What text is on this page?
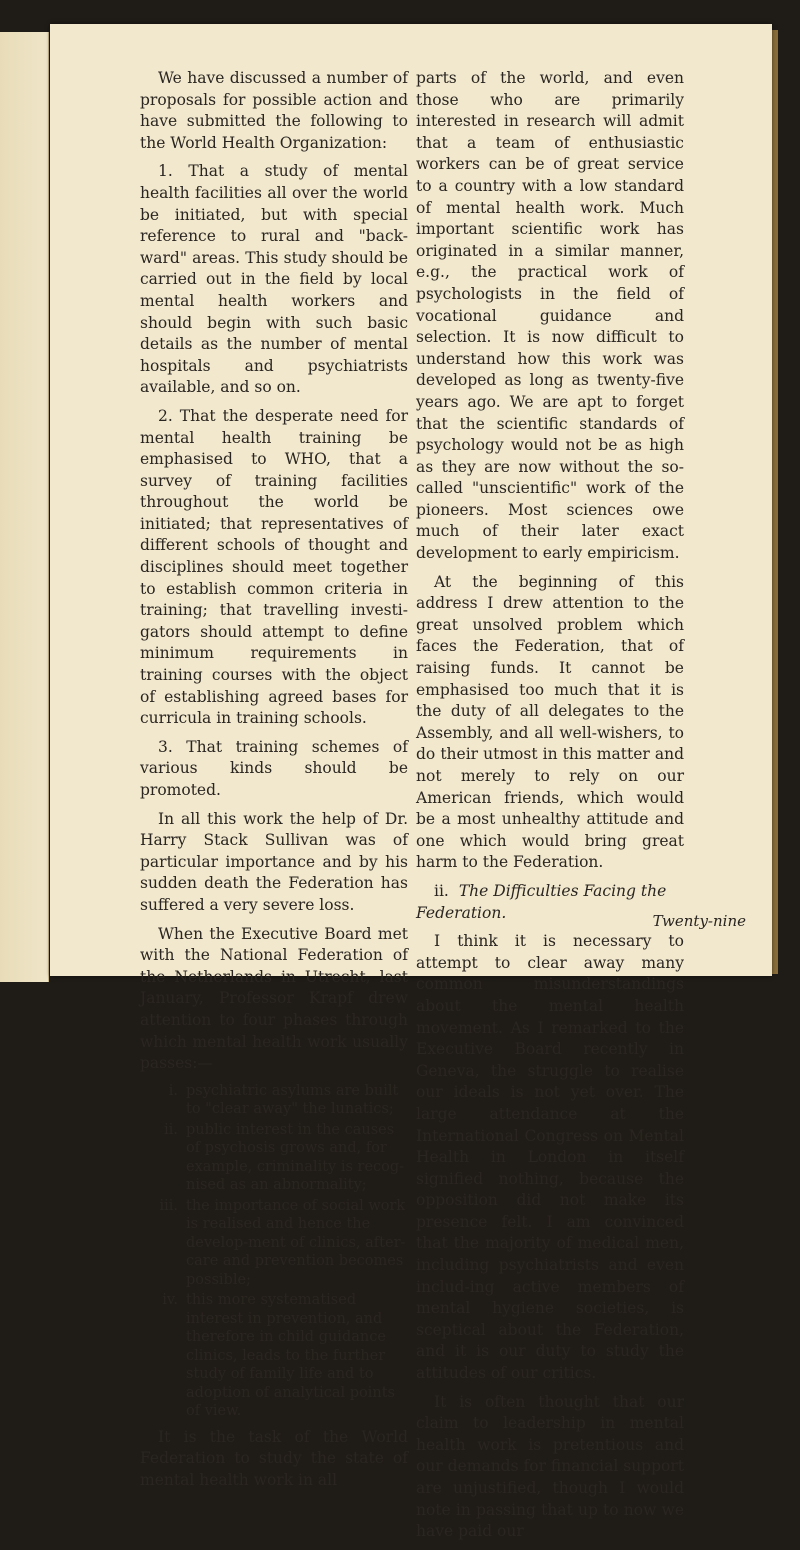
We have discussed a number of proposals for possible action and have submitted the following to the World Health Organization:

1. That a study of mental health facilities all over the world be initiated, but with special reference to rural and "back-ward" areas. This study should be carried out in the field by local mental health workers and should begin with such basic details as the number of mental hospitals and psychiatrists available, and so on.

2. That the desperate need for mental health training be emphasised to WHO, that a survey of training facilities throughout the world be initiated; that representatives of different schools of thought and disciplines should meet together to establish common criteria in training; that travelling investi-gators should attempt to define minimum requirements in training courses with the object of establishing agreed bases for curricula in training schools.

3. That training schemes of various kinds should be promoted.

In all this work the help of Dr. Harry Stack Sullivan was of particular importance and by his sudden death the Federation has suffered a very severe loss.

When the Executive Board met with the National Federation of the Netherlands in Utrecht, last January, Professor Krapf drew attention to four phases through which mental health work usually passes:—

i. psychiatric asylums are built to "clear away" the lunatics;
ii. public interest in the causes of psychosis grows and, for example, criminality is recog-nised as an abnormality;
iii. the importance of social work is realised and hence the develop-ment of clinics, after-care and prevention becomes possible;
iv. this more systematised interest in prevention, and therefore in child guidance clinics, leads to the further study of family life and to adoption of analytical points of view.

It is the task of the World Federation to study the state of mental health work in all

parts of the world, and even those who are primarily interested in research will admit that a team of enthusiastic workers can be of great service to a country with a low standard of mental health work. Much important scientific work has originated in a similar manner, e.g., the practical work of psychologists in the field of vocational guidance and selection. It is now difficult to understand how this work was developed as long as twenty-five years ago. We are apt to forget that the scientific standards of psychology would not be as high as they are now without the so-called "unscientific" work of the pioneers. Most sciences owe much of their later exact development to early empiricism.

At the beginning of this address I drew attention to the great unsolved problem which faces the Federation, that of raising funds. It cannot be emphasised too much that it is the duty of all delegates to the Assembly, and all well-wishers, to do their utmost in this matter and not merely to rely on our American friends, which would be a most unhealthy attitude and one which would bring great harm to the Federation.

ii. The Difficulties Facing the Federation.

I think it is necessary to attempt to clear away many common misunderstandings about the mental health movement. As I remarked to the Executive Board recently in Geneva, the struggle to realise our ideals is not yet over. The large attendance at the International Congress on Mental Health in London in itself signified nothing, because the opposition did not make its presence felt. I am convinced that the majority of medical men, including psychiatrists and even includ-ing active members of mental hygiene societies, is sceptical about the Federation, and it is our duty to study the attitudes of our critics.

It is often thought that our claim to leadership in mental health work is pretentious and our demands for financial support are unjustified, though I would note in passing that up to now we have paid our

Twenty-nine
